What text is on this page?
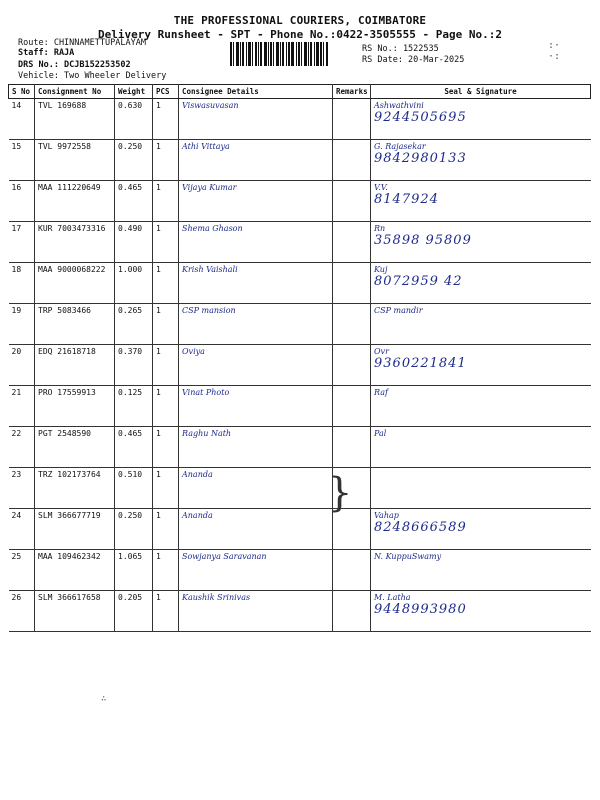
THE PROFESSIONAL COURIERS, COIMBATORE
Delivery Runsheet - SPT - Phone No.:0422-3505555 - Page No.:2
Route: CHINNAMETTUPALAYAM
Staff: RAJA
DRS No.: DCJB152253502
Vehicle: Two Wheeler Delivery
RS No.: 1522535
RS Date: 20-Mar-2025
:·
·:
S No	Consignment No	Weight	PCS	Consignee Details	Remarks	Seal & Signature
14	TVL 169688	0.630	1	Viswasuvasan		Ashwathvini
9244505695

15	TVL 9972558	0.250	1	Athi Vittaya		G. Rajasekar
9842980133

16	MAA 111220649	0.465	1	Vijaya Kumar		V.V.
8147924

17	KUR 7003473316	0.490	1	Shema Ghason		Rn
35898 95809

18	MAA 9000068222	1.000	1	Krish Vaishali		Kuj
8072959 42

19	TRP 5083466	0.265	1	CSP mansion		CSP mandir

20	EDQ 21618718	0.370	1	Oviya		Ovr
9360221841

21	PRO 17559913	0.125	1	Vinat Photo		Raf

22	PGT 2548590	0.465	1	Raghu Nath		Pal

23	TRZ 102173764	0.510	1	Ananda		

24	SLM 366677719	0.250	1	Ananda		Vahap
8248666589

25	MAA 109462342	1.065	1	Sowjanya Saravanan		N. KuppuSwamy

26	SLM 366617658	0.205	1	Kaushik Srinivas		M. Latha
9448993980
}
∴
